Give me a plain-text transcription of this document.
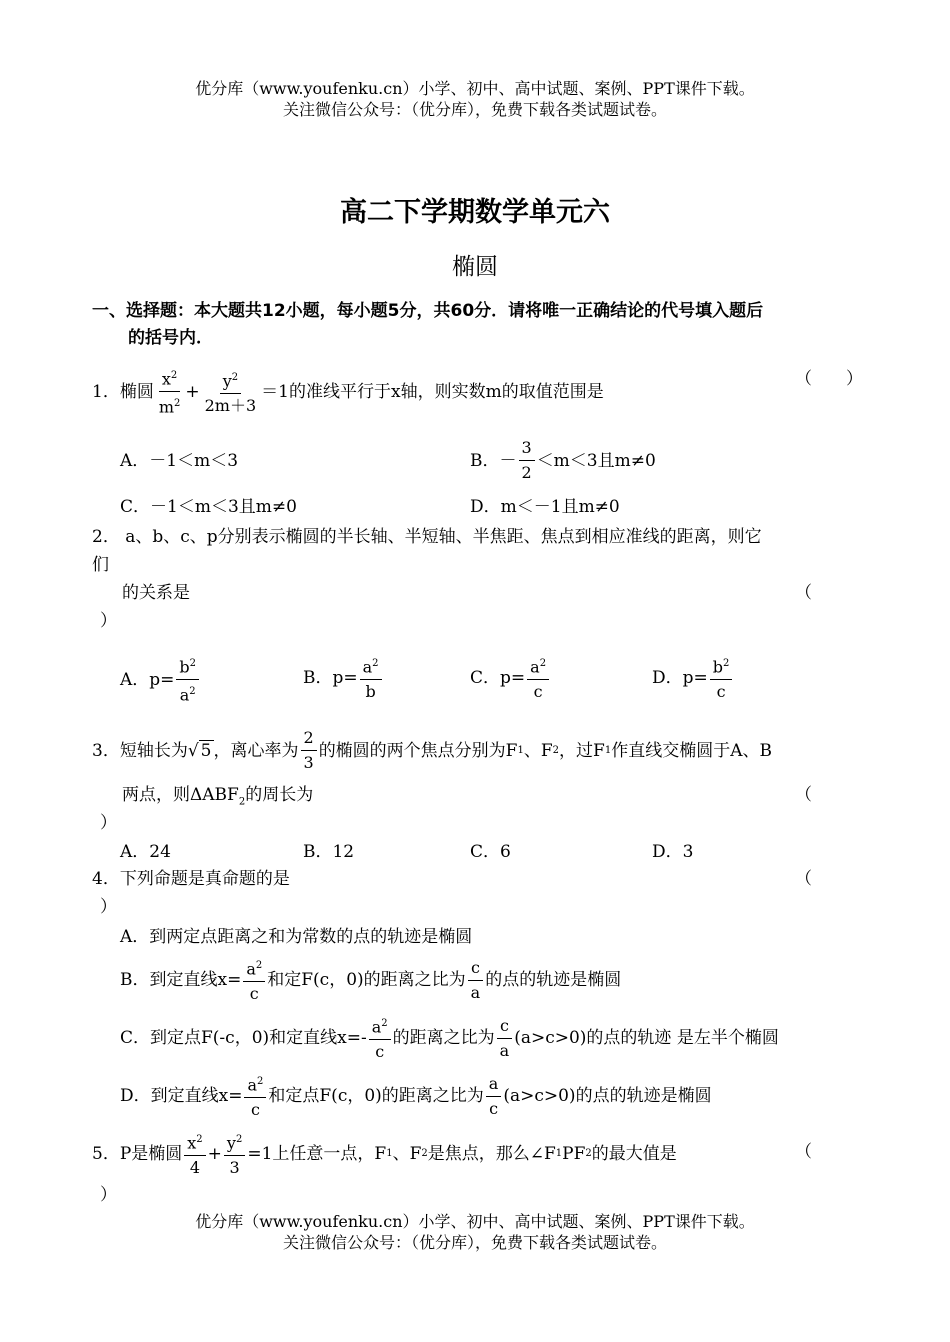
优分库（www.youfenku.cn）小学、初中、高中试题、案例、PPT课件下载。
关注微信公众号：（优分库），免费下载各类试题试卷。
高二下学期数学单元六
椭圆
一、选择题：本大题共12小题，每小题5分，共60分．请将唯一正确结论的代号填入题后
的括号内．
1．椭圆 $\frac{x^2}{m^2} + \frac{y^2}{2m+3} =1$的准线平行于x轴，则实数m的取值范围是
（　　）
A．－1＜m＜3	B．－ $\frac{3}{2} <m<3$且m≠0
C．－1＜m＜3且m≠0	D．m＜－1且m≠0
2． a、b、c、p分别表示椭圆的半长轴、半短轴、半焦距、焦点到相应准线的距离，则它
们
的关系是	（
）
A．$p= \frac{b^2}{a^2}$	B．$p= \frac{a^2}{b}$	C．$p= \frac{a^2}{c}$	D．$p= \frac{b^2}{c}$
3．短轴长为 √ 5 ，离心率为 $\frac{2}{3}$ 的椭圆的两个焦点分别为F 1 、F 2 ，过F 1 作直线交椭圆于A、B
两点，则$\Delta ABF_2$的周长为	（
）
A．24	B．12	C．6	D．3
4．下列命题是真命题的是	（
）
A．到两定点距离之和为常数的点的轨迹是椭圆
B．到定直线$x= \frac{a^2}{c}$ 和定F(c，0)的距离之比为 $\frac{c}{a}$ 的点的轨迹是椭圆
C．到定点F(-c，0)和定直线$x=- \frac{a^2}{c}$ 的距离之比为 $\frac{c}{a} (a>c>0)$的点的轨迹 是左半个椭圆
D．到定直线$x= \frac{a^2}{c}$ 和定点F(c，0)的距离之比为 $\frac{a}{c} (a>c>0)$的点的轨迹是椭圆
5．P是椭圆 $\frac{x^2}{4} + \frac{y^2}{3} =1$上任意一点，F 1 、F 2 是焦点，那么∠F 1 PF 2 的最大值是	（
）
优分库（www.youfenku.cn）小学、初中、高中试题、案例、PPT课件下载。
关注微信公众号：（优分库），免费下载各类试题试卷。
